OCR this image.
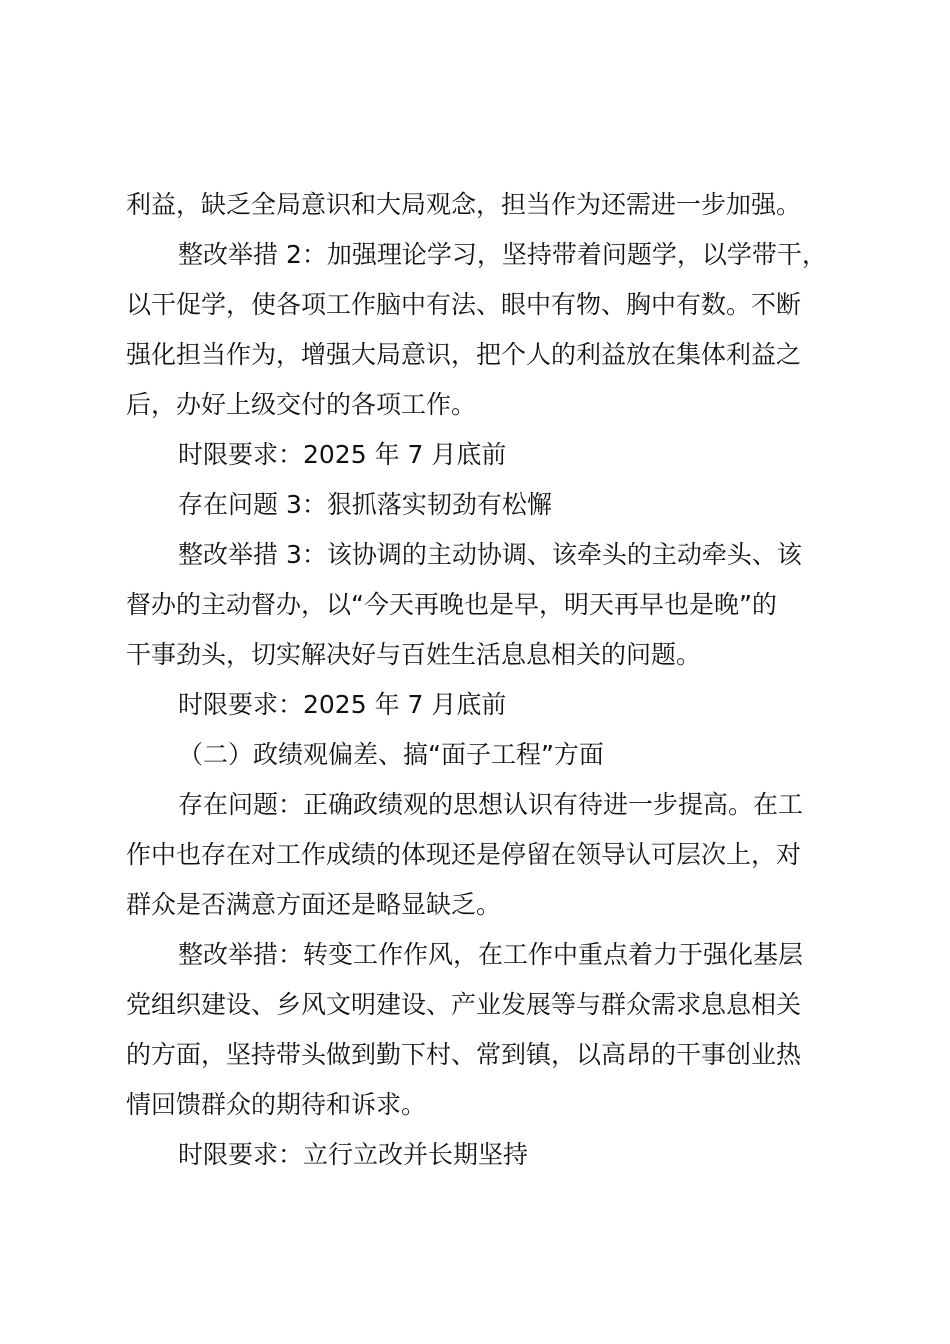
利益，缺乏全局意识和大局观念，担当作为还需进一步加强。
整改举措 2：加强理论学习，坚持带着问题学，以学带干，
以干促学，使各项工作脑中有法、眼中有物、胸中有数。不断
强化担当作为，增强大局意识，把个人的利益放在集体利益之
后，办好上级交付的各项工作。
时限要求：2025 年 7 月底前
存在问题 3：狠抓落实韧劲有松懈
整改举措 3：该协调的主动协调、该牵头的主动牵头、该
督办的主动督办，以“今天再晚也是早，明天再早也是晚”的
干事劲头，切实解决好与百姓生活息息相关的问题。
时限要求：2025 年 7 月底前
（二）政绩观偏差、搞“面子工程”方面
存在问题：正确政绩观的思想认识有待进一步提高。在工
作中也存在对工作成绩的体现还是停留在领导认可层次上，对
群众是否满意方面还是略显缺乏。
整改举措：转变工作作风，在工作中重点着力于强化基层
党组织建设、乡风文明建设、产业发展等与群众需求息息相关
的方面，坚持带头做到勤下村、常到镇，以高昂的干事创业热
情回馈群众的期待和诉求。
时限要求：立行立改并长期坚持
